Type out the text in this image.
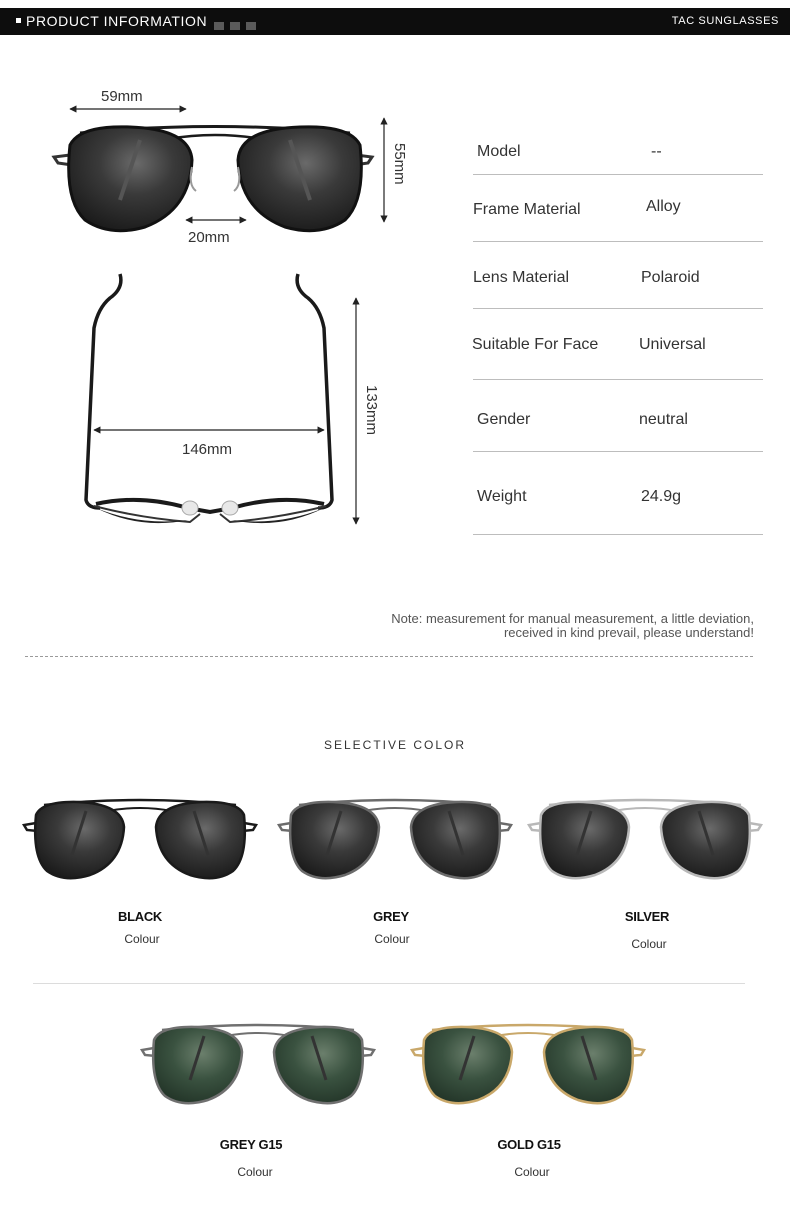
PRODUCT INFORMATION	TAC SUNGLASSES
59mm
55mm
20mm
133mm
146mm
Model	--
Frame Material	Alloy
Lens Material	Polaroid
Suitable For Face	Universal
Gender	neutral
Weight	24.9g
Note: measurement for manual measurement, a little deviation,
received in kind prevail, please understand!
SELECTIVE COLOR
BLACK
Colour
GREY
Colour
SILVER
Colour
GREY G15
Colour
GOLD G15
Colour
